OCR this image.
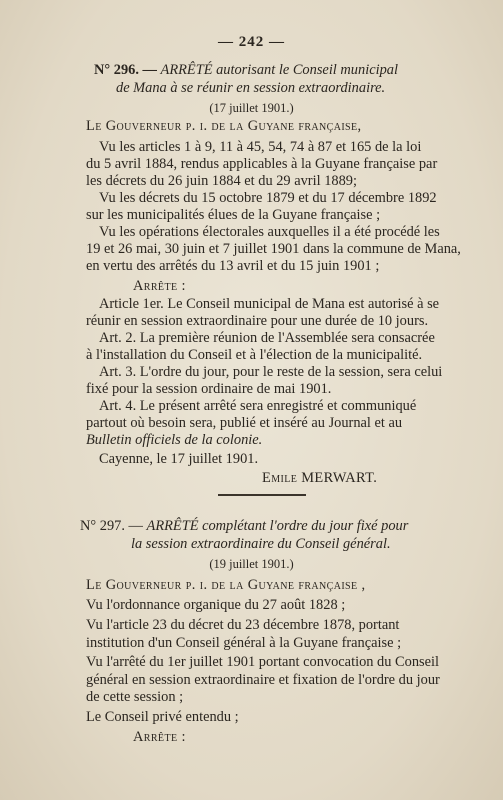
— 242 —
N° 296. — ARRÊTÉ autorisant le Conseil municipal
de Mana à se réunir en session extraordinaire.
(17 juillet 1901.)
Le Gouverneur p. i. de la Guyane française,
Vu les articles 1 à 9, 11 à 45, 54, 74 à 87 et 165 de la loi
du 5 avril 1884, rendus applicables à la Guyane française par
les décrets du 26 juin 1884 et du 29 avril 1889;
Vu les décrets du 15 octobre 1879 et du 17 décembre 1892
sur les municipalités élues de la Guyane française ;
Vu les opérations électorales auxquelles il a été procédé les
19 et 26 mai, 30 juin et 7 juillet 1901 dans la commune de Mana,
en vertu des arrêtés du 13 avril et du 15 juin 1901 ;
Arrête :
Article 1er. Le Conseil municipal de Mana est autorisé à se
réunir en session extraordinaire pour une durée de 10 jours.
Art. 2. La première réunion de l'Assemblée sera consacrée
à l'installation du Conseil et à l'élection de la municipalité.
Art. 3. L'ordre du jour, pour le reste de la session, sera celui
fixé pour la session ordinaire de mai 1901.
Art. 4. Le présent arrêté sera enregistré et communiqué
partout où besoin sera, publié et inséré au Journal et au
Bulletin officiels de la colonie.
Cayenne, le 17 juillet 1901.
Emile MERWART.
N° 297. — ARRÊTÉ complétant l'ordre du jour fixé pour
la session extraordinaire du Conseil général.
(19 juillet 1901.)
Le Gouverneur p. i. de la Guyane française ,
Vu l'ordonnance organique du 27 août 1828 ;
Vu l'article 23 du décret du 23 décembre 1878, portant
institution d'un Conseil général à la Guyane française ;
Vu l'arrêté du 1er juillet 1901 portant convocation du Conseil
général en session extraordinaire et fixation de l'ordre du jour
de cette session ;
Le Conseil privé entendu ;
Arrête :
